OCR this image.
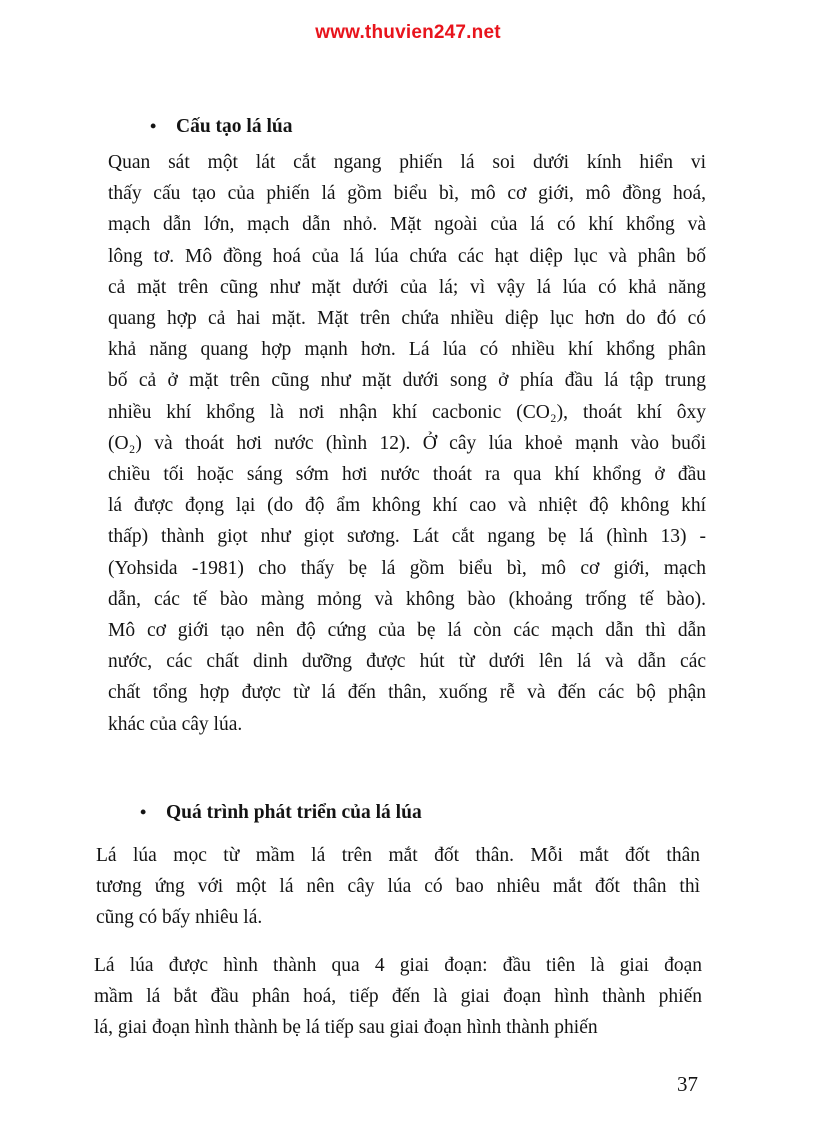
www.thuvien247.net
• Cấu tạo lá lúa
Quan sát một lát cắt ngang phiến lá soi dưới kính hiển vi
thấy cấu tạo của phiến lá gồm biểu bì, mô cơ giới, mô đồng hoá,
mạch dẫn lớn, mạch dẫn nhỏ. Mặt ngoài của lá có khí khổng và
lông tơ. Mô đồng hoá của lá lúa chứa các hạt diệp lục và phân bố
cả mặt trên cũng như mặt dưới của lá; vì vậy lá lúa có khả năng
quang hợp cả hai mặt. Mặt trên chứa nhiều diệp lục hơn do đó có
khả năng quang hợp mạnh hơn. Lá lúa có nhiều khí khổng phân
bố cả ở mặt trên cũng như mặt dưới song ở phía đầu lá tập trung
nhiều khí khổng là nơi nhận khí cacbonic (CO₂), thoát khí ôxy
(O₂) và thoát hơi nước (hình 12). Ở cây lúa khoẻ mạnh vào buổi
chiều tối hoặc sáng sớm hơi nước thoát ra qua khí khổng ở đầu
lá được đọng lại (do độ ẩm không khí cao và nhiệt độ không khí
thấp) thành giọt như giọt sương. Lát cắt ngang bẹ lá (hình 13) -
(Yohsida -1981) cho thấy bẹ lá gồm biểu bì, mô cơ giới, mạch
dẫn, các tế bào màng mỏng và không bào (khoảng trống tế bào).
Mô cơ giới tạo nên độ cứng của bẹ lá còn các mạch dẫn thì dẫn
nước, các chất dinh dưỡng được hút từ dưới lên lá và dẫn các
chất tổng hợp được từ lá đến thân, xuống rễ và đến các bộ phận
khác của cây lúa.
• Quá trình phát triển của lá lúa
Lá lúa mọc từ mầm lá trên mắt đốt thân. Mỗi mắt đốt thân
tương ứng với một lá nên cây lúa có bao nhiêu mắt đốt thân thì
cũng có bấy nhiêu lá.
Lá lúa được hình thành qua 4 giai đoạn: đầu tiên là giai đoạn
mầm lá bắt đầu phân hoá, tiếp đến là giai đoạn hình thành phiến
lá, giai đoạn hình thành bẹ lá tiếp sau giai đoạn hình thành phiến
37
